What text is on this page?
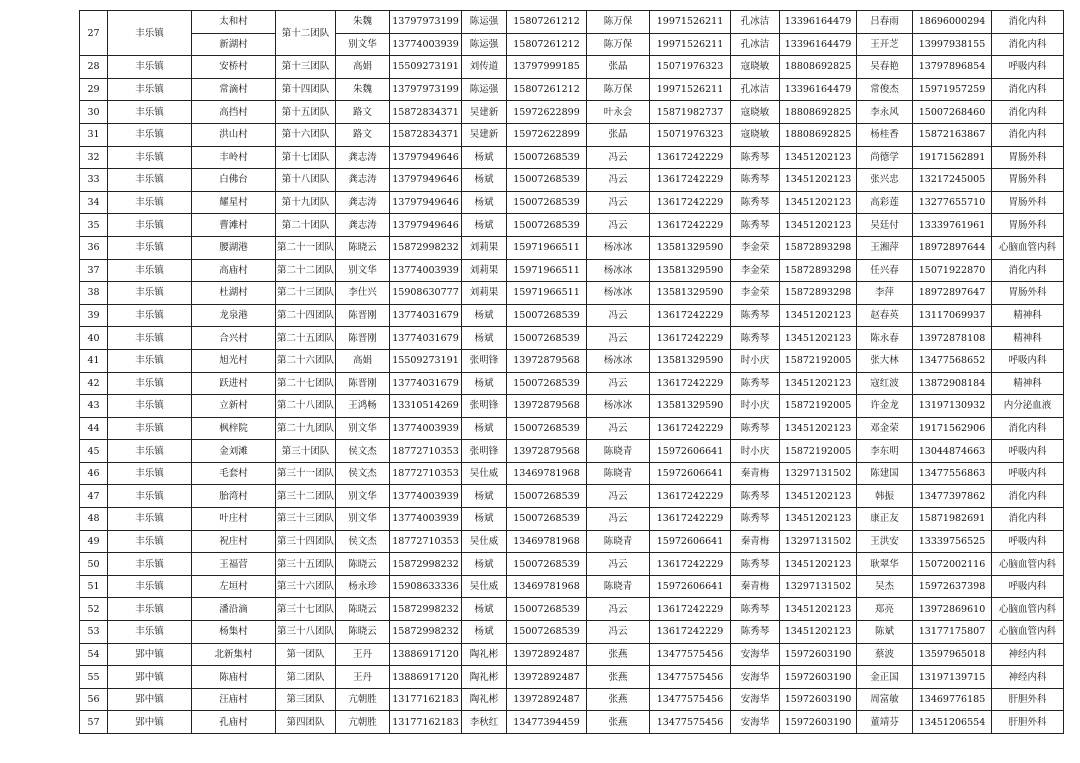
27	丰乐镇	太和村	第十二团队	朱魏	13797973199	陈运强	15807261212	陈万保	19971526211	孔冰洁	13396164479	吕春雨	18696000294	消化内科
		新湖村		别文华	13774003939	陈运强	15807261212	陈万保	19971526211	孔冰洁	13396164479	王开芝	13997938155	消化内科
28	丰乐镇	安桥村	第十三团队	高娟	15509273191	刘传道	13797999185	张晶	15071976323	寇晓敏	18808692825	吴春艳	13797896854	呼吸内科
29	丰乐镇	常滴村	第十四团队	朱魏	13797973199	陈运强	15807261212	陈万保	19971526211	孔冰洁	13396164479	常俊杰	15971957259	消化内科
30	丰乐镇	高挡村	第十五团队	路文	15872834371	吴建新	15972622899	叶永会	15871982737	寇晓敏	18808692825	李永风	15007268460	消化内科
31	丰乐镇	洪山村	第十六团队	路文	15872834371	吴建新	15972622899	张晶	15071976323	寇晓敏	18808692825	杨桂香	15872163867	消化内科
32	丰乐镇	丰岭村	第十七团队	龚志涛	13797949646	杨斌	15007268539	冯云	13617242229	陈秀琴	13451202123	尚德学	19171562891	胃肠外科
33	丰乐镇	白佛台	第十八团队	龚志涛	13797949646	杨斌	15007268539	冯云	13617242229	陈秀琴	13451202123	张兴忠	13217245005	胃肠外科
34	丰乐镇	耀星村	第十九团队	龚志涛	13797949646	杨斌	15007268539	冯云	13617242229	陈秀琴	13451202123	高彩莲	13277655710	胃肠外科
35	丰乐镇	曹滩村	第二十团队	龚志涛	13797949646	杨斌	15007268539	冯云	13617242229	陈秀琴	13451202123	吴廷付	13339761961	胃肠外科
36	丰乐镇	腰湖港	第二十一团队	陈晓云	15872998232	刘莉果	15971966511	杨冰冰	13581329590	李金荣	15872893298	王湘萍	18972897644	心脑血管内科
37	丰乐镇	高庙村	第二十二团队	别文华	13774003939	刘莉果	15971966511	杨冰冰	13581329590	李金荣	15872893298	任兴春	15071922870	消化内科
38	丰乐镇	杜湖村	第二十三团队	李仕兴	15908630777	刘莉果	15971966511	杨冰冰	13581329590	李金荣	15872893298	李萍	18972897647	胃肠外科
39	丰乐镇	龙泉港	第二十四团队	陈晋刚	13774031679	杨斌	15007268539	冯云	13617242229	陈秀琴	13451202123	赵春英	13117069937	精神科
40	丰乐镇	合兴村	第二十五团队	陈晋刚	13774031679	杨斌	15007268539	冯云	13617242229	陈秀琴	13451202123	陈永春	13972878108	精神科
41	丰乐镇	旭光村	第二十六团队	高娟	15509273191	张明锋	13972879568	杨冰冰	13581329590	时小庆	15872192005	张大林	13477568652	呼吸内科
42	丰乐镇	跃进村	第二十七团队	陈晋刚	13774031679	杨斌	15007268539	冯云	13617242229	陈秀琴	13451202123	寇红波	13872908184	精神科
43	丰乐镇	立新村	第二十八团队	王鸿畅	13310514269	张明锋	13972879568	杨冰冰	13581329590	时小庆	15872192005	许金龙	13197130932	内分泌血液
44	丰乐镇	枫梓院	第二十九团队	别文华	13774003939	杨斌	15007268539	冯云	13617242229	陈秀琴	13451202123	邓金荣	19171562906	消化内科
45	丰乐镇	金刘滩	第三十团队	侯文杰	18772710353	张明锋	13972879568	陈晓青	15972606641	时小庆	15872192005	李东明	13044874663	呼吸内科
46	丰乐镇	毛套村	第三十一团队	侯文杰	18772710353	吴仕威	13469781968	陈晓青	15972606641	秦青梅	13297131502	陈建国	13477556863	呼吸内科
47	丰乐镇	胎湾村	第三十二团队	别文华	13774003939	杨斌	15007268539	冯云	13617242229	陈秀琴	13451202123	韩振	13477397862	消化内科
48	丰乐镇	叶庄村	第三十三团队	别文华	13774003939	杨斌	15007268539	冯云	13617242229	陈秀琴	13451202123	康正友	15871982691	消化内科
49	丰乐镇	祝庄村	第三十四团队	侯文杰	18772710353	吴仕威	13469781968	陈晓青	15972606641	秦青梅	13297131502	王洪安	13339756525	呼吸内科
50	丰乐镇	王福营	第三十五团队	陈晓云	15872998232	杨斌	15007268539	冯云	13617242229	陈秀琴	13451202123	耿翠华	15072002116	心脑血管内科
51	丰乐镇	左垣村	第三十六团队	杨永珍	15908633336	吴仕威	13469781968	陈晓青	15972606641	秦青梅	13297131502	吴杰	15972637398	呼吸内科
52	丰乐镇	潘沿滴	第三十七团队	陈晓云	15872998232	杨斌	15007268539	冯云	13617242229	陈秀琴	13451202123	郑亮	13972869610	心脑血管内科
53	丰乐镇	杨集村	第三十八团队	陈晓云	15872998232	杨斌	15007268539	冯云	13617242229	陈秀琴	13451202123	陈斌	13177175807	心脑血管内科
54	郢中镇	北新集村	第一团队	王丹	13886917120	陶礼彬	13972892487	张燕	13477575456	安海华	15972603190	蔡波	13597965018	神经内科
55	郢中镇	陈庙村	第二团队	王丹	13886917120	陶礼彬	13972892487	张燕	13477575456	安海华	15972603190	金正国	13197139715	神经内科
56	郢中镇	汪庙村	第三团队	亢朝胜	13177162183	陶礼彬	13972892487	张燕	13477575456	安海华	15972603190	周富敏	13469776185	肝胆外科
57	郢中镇	孔庙村	第四团队	亢朝胜	13177162183	李秋红	13477394459	张燕	13477575456	安海华	15972603190	董靖芬	13451206554	肝胆外科
